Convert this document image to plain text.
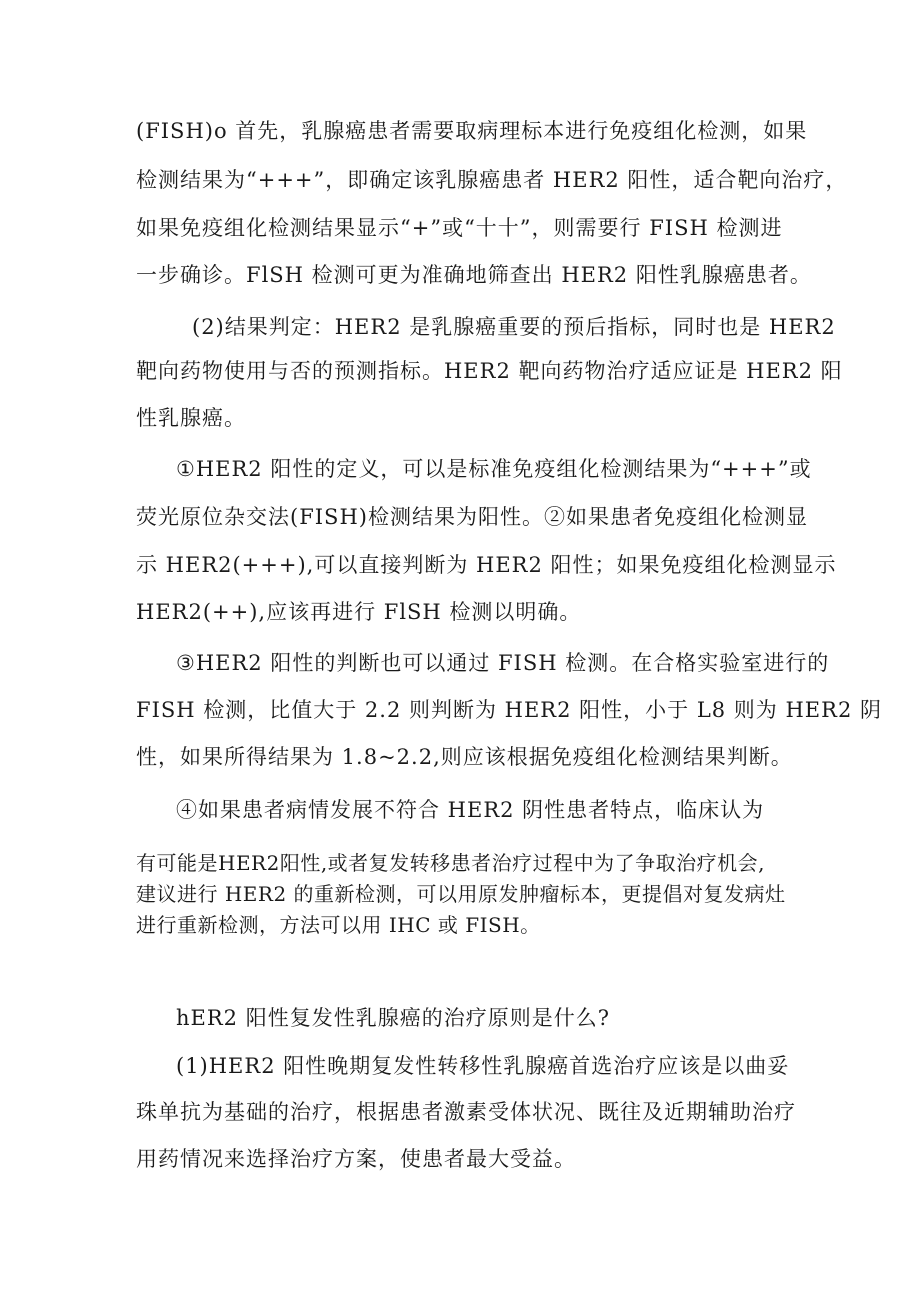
(FISH)o 首先，乳腺癌患者需要取病理标本进行免疫组化检测，如果
检测结果为“+++”，即确定该乳腺癌患者 HER2 阳性，适合靶向治疗，
如果免疫组化检测结果显示“+”或“十十”，则需要行 FISH 检测进
一步确诊。FlSH 检测可更为准确地筛查出 HER2 阳性乳腺癌患者。
(2)结果判定：HER2 是乳腺癌重要的预后指标，同时也是 HER2
靶向药物使用与否的预测指标。HER2 靶向药物治疗适应证是 HER2 阳
性乳腺癌。
①HER2 阳性的定义，可以是标准免疫组化检测结果为“+++”或
荧光原位杂交法(FISH)检测结果为阳性。②如果患者免疫组化检测显
示 HER2(+++),可以直接判断为 HER2 阳性；如果免疫组化检测显示
HER2(++),应该再进行 FlSH 检测以明确。
③HER2 阳性的判断也可以通过 FISH 检测。在合格实验室进行的
FISH 检测，比值大于 2.2 则判断为 HER2 阳性，小于 L8 则为 HER2 阴
性，如果所得结果为 1.8~2.2,则应该根据免疫组化检测结果判断。
④如果患者病情发展不符合 HER2 阴性患者特点，临床认为
有可能是HER2阳性,或者复发转移患者治疗过程中为了争取治疗机会,
建议进行 HER2 的重新检测，可以用原发肿瘤标本，更提倡对复发病灶
进行重新检测，方法可以用 IHC 或 FISH。
hER2 阳性复发性乳腺癌的治疗原则是什么?
(1)HER2 阳性晚期复发性转移性乳腺癌首选治疗应该是以曲妥
珠单抗为基础的治疗，根据患者激素受体状况、既往及近期辅助治疗
用药情况来选择治疗方案，使患者最大受益。
